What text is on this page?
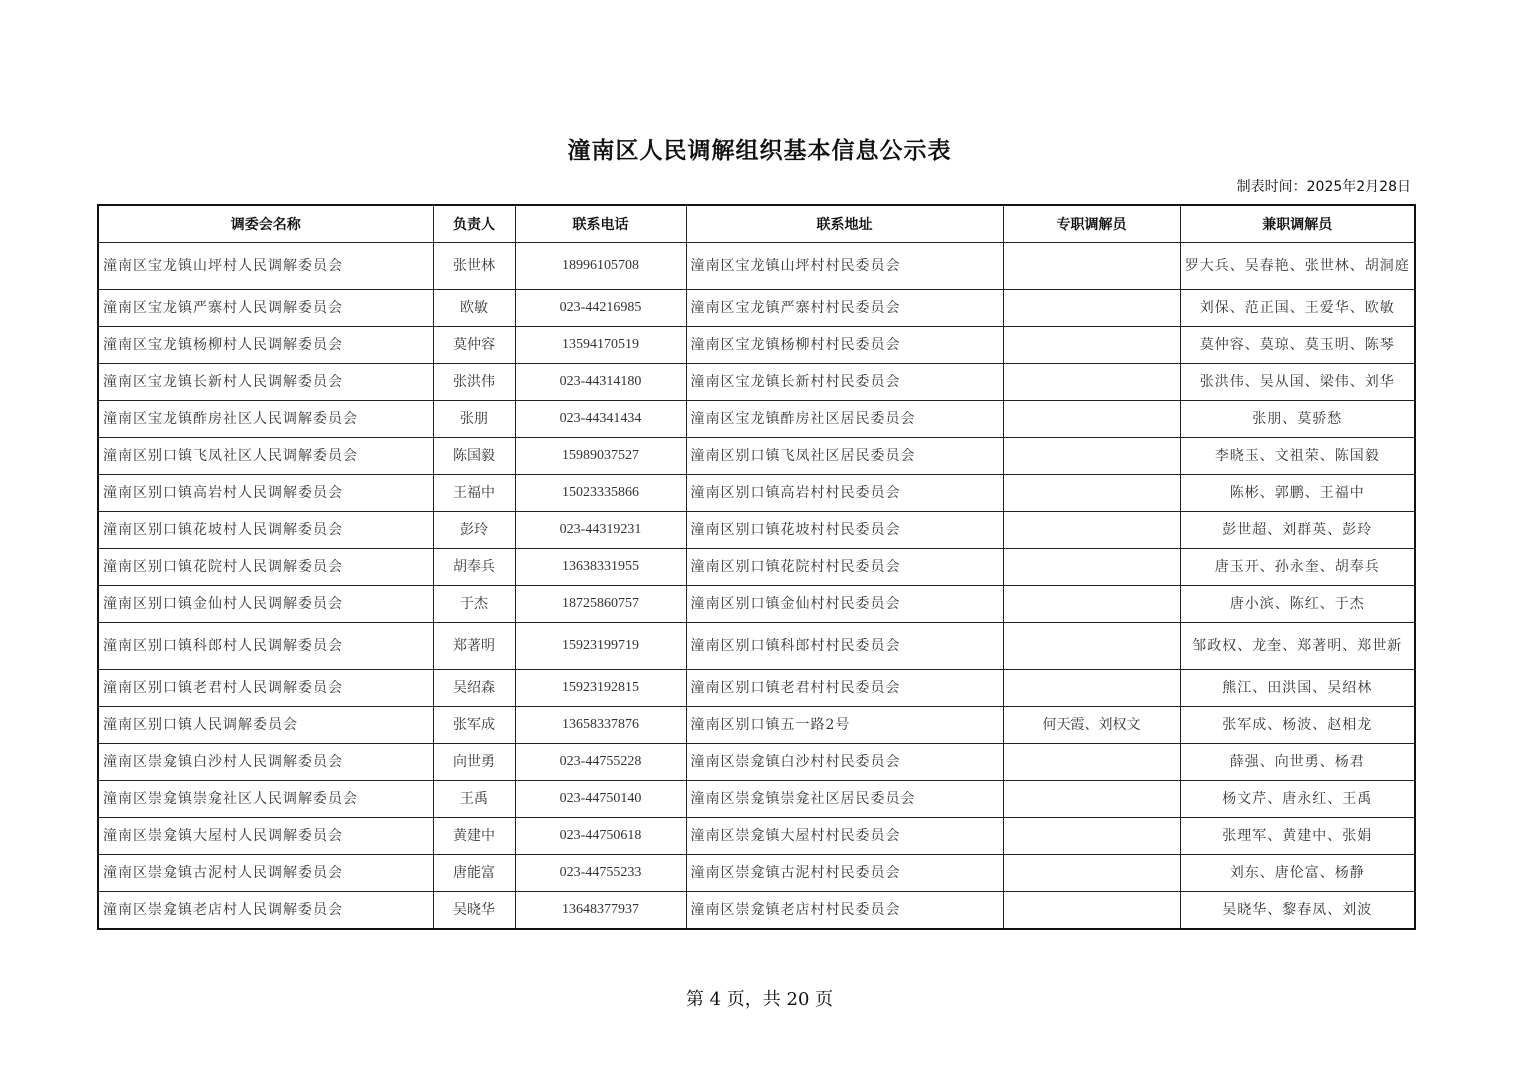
潼南区人民调解组织基本信息公示表
制表时间：2025年2月28日
调委会名称	负责人	联系电话	联系地址	专职调解员	兼职调解员
潼南区宝龙镇山坪村人民调解委员会	张世林	18996105708	潼南区宝龙镇山坪村村民委员会		罗大兵、吴春艳、张世林、胡洞庭
潼南区宝龙镇严寨村人民调解委员会	欧敏	023-44216985	潼南区宝龙镇严寨村村民委员会		刘保、范正国、王爱华、欧敏
潼南区宝龙镇杨柳村人民调解委员会	莫仲容	13594170519	潼南区宝龙镇杨柳村村民委员会		莫仲容、莫琼、莫玉明、陈琴
潼南区宝龙镇长新村人民调解委员会	张洪伟	023-44314180	潼南区宝龙镇长新村村民委员会		张洪伟、吴从国、梁伟、刘华
潼南区宝龙镇酢房社区人民调解委员会	张朋	023-44341434	潼南区宝龙镇酢房社区居民委员会		张朋、莫骄愁
潼南区别口镇飞凤社区人民调解委员会	陈国毅	15989037527	潼南区别口镇飞凤社区居民委员会		李晓玉、文祖荣、陈国毅
潼南区别口镇高岩村人民调解委员会	王福中	15023335866	潼南区别口镇高岩村村民委员会		陈彬、郭鹏、王福中
潼南区别口镇花坡村人民调解委员会	彭玲	023-44319231	潼南区别口镇花坡村村民委员会		彭世超、刘群英、彭玲
潼南区别口镇花院村人民调解委员会	胡奉兵	13638331955	潼南区别口镇花院村村民委员会		唐玉开、孙永奎、胡奉兵
潼南区别口镇金仙村人民调解委员会	于杰	18725860757	潼南区别口镇金仙村村民委员会		唐小滨、陈红、于杰
潼南区别口镇科郎村人民调解委员会	郑著明	15923199719	潼南区别口镇科郎村村民委员会		邹政权、龙奎、郑著明、郑世新
潼南区别口镇老君村人民调解委员会	吴绍森	15923192815	潼南区别口镇老君村村民委员会		熊江、田洪国、吴绍林
潼南区别口镇人民调解委员会	张军成	13658337876	潼南区别口镇五一路2号	何天霞、刘权文	张军成、杨波、赵相龙
潼南区崇龛镇白沙村人民调解委员会	向世勇	023-44755228	潼南区崇龛镇白沙村村民委员会		薛强、向世勇、杨君
潼南区崇龛镇崇龛社区人民调解委员会	王禹	023-44750140	潼南区崇龛镇崇龛社区居民委员会		杨文芹、唐永红、王禹
潼南区崇龛镇大屋村人民调解委员会	黄建中	023-44750618	潼南区崇龛镇大屋村村民委员会		张理军、黄建中、张娟
潼南区崇龛镇古泥村人民调解委员会	唐能富	023-44755233	潼南区崇龛镇古泥村村民委员会		刘东、唐伦富、杨静
潼南区崇龛镇老店村人民调解委员会	吴晓华	13648377937	潼南区崇龛镇老店村村民委员会		吴晓华、黎春凤、刘波
第 4 页，共 20 页
